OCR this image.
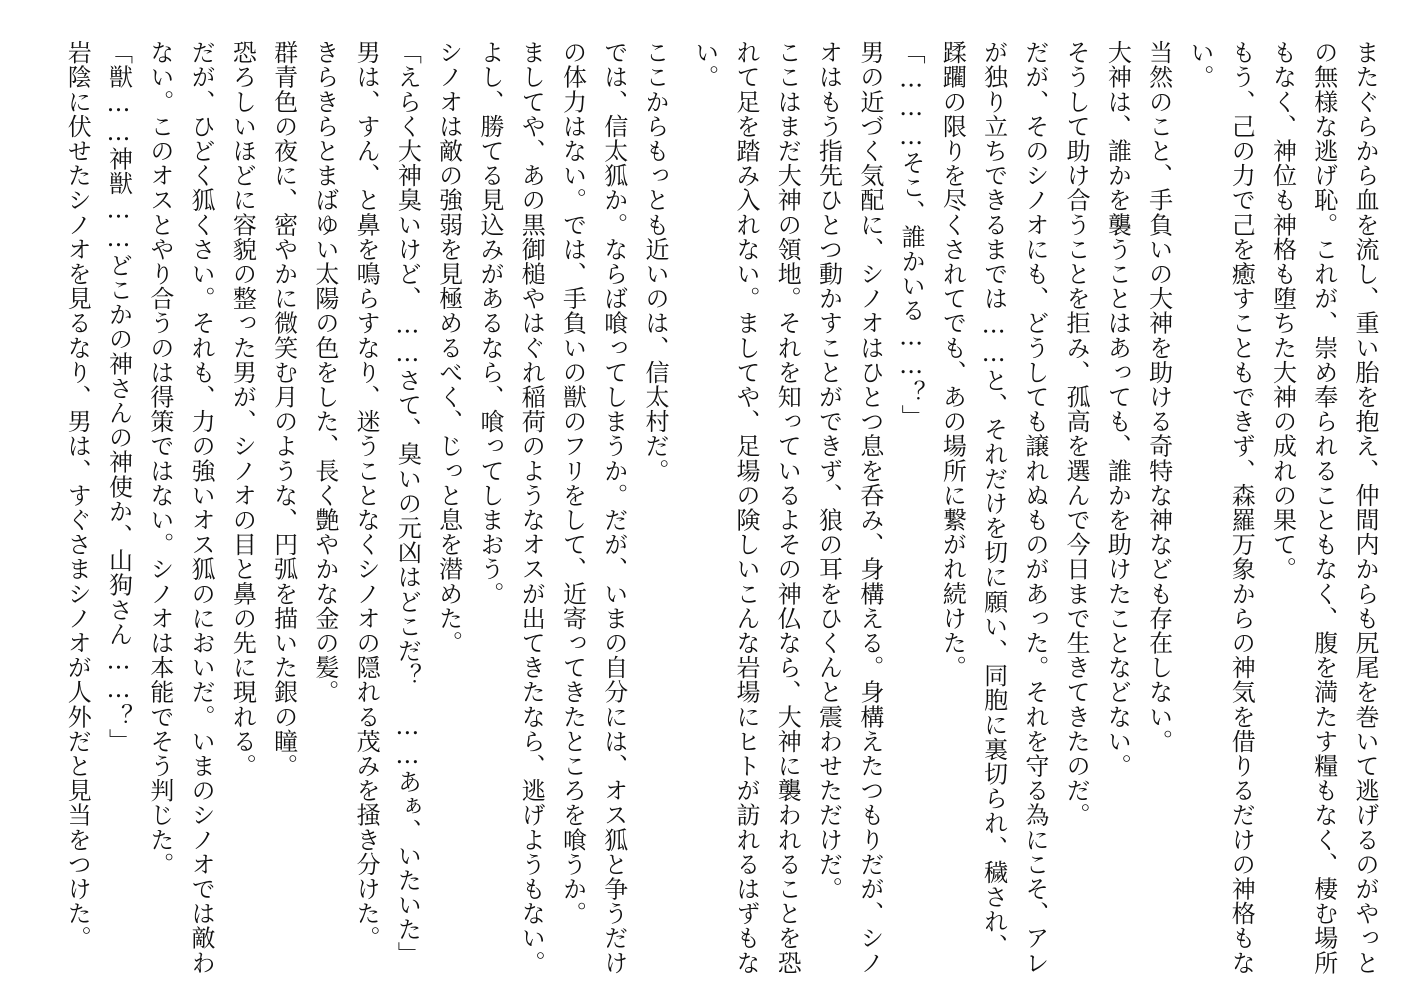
またぐらから血を流し、重い胎を抱え、仲間内からも尻尾を巻いて逃げるのがやっとの無様な逃げ恥。これが、崇め奉られることもなく、腹を満たす糧もなく、棲む場所もなく、神位も神格も堕ちた大神の成れの果て。

もう、己の力で己を癒すこともできず、森羅万象からの神気を借りるだけの神格もない。

当然のこと、手負いの大神を助ける奇特な神なども存在しない。

大神は、誰かを襲うことはあっても、誰かを助けたことなどない。

そうして助け合うことを拒み、孤高を選んで今日まで生きてきたのだ。

だが、そのシノオにも、どうしても譲れぬものがあった。それを守る為にこそ、アレが独り立ちできるまでは……と、それだけを切に願い、同胞に裏切られ、穢され、蹂躙の限りを尽くされてでも、あの場所に繋がれ続けた。

「………そこ、誰かいる……？」

男の近づく気配に、シノオはひとつ息を呑み、身構える。身構えたつもりだが、シノオはもう指先ひとつ動かすことができず、狼の耳をひくんと震わせただけだ。

ここはまだ大神の領地。それを知っているよその神仏なら、大神に襲われることを恐れて足を踏み入れない。ましてや、足場の険しいこんな岩場にヒトが訪れるはずもない。

ここからもっとも近いのは、信太村だ。

では、信太狐か。ならば喰ってしまうか。だが、いまの自分には、オス狐と争うだけの体力はない。では、手負いの獣のフリをして、近寄ってきたところを喰うか。

ましてや、あの黒御槌やはぐれ稲荷のようなオスが出てきたなら、逃げようもない。

よし、勝てる見込みがあるなら、喰ってしまおう。

シノオは敵の強弱を見極めるべく、じっと息を潜めた。

「えらく大神臭いけど、……さて、臭いの元凶はどこだ？　……あぁ、いたいた」

男は、すん、と鼻を鳴らすなり、迷うことなくシノオの隠れる茂みを掻き分けた。

きらきらとまばゆい太陽の色をした、長く艶やかな金の髪。

群青色の夜に、密やかに微笑む月のような、円弧を描いた銀の瞳。

恐ろしいほどに容貌の整った男が、シノオの目と鼻の先に現れる。

だが、ひどく狐くさい。それも、力の強いオス狐のにおいだ。いまのシノオでは敵わない。このオスとやり合うのは得策ではない。シノオは本能でそう判じた。

「獣……神獣……どこかの神さんの神使か、山狗さん……？」

岩陰に伏せたシノオを見るなり、男は、すぐさまシノオが人外だと見当をつけた。
